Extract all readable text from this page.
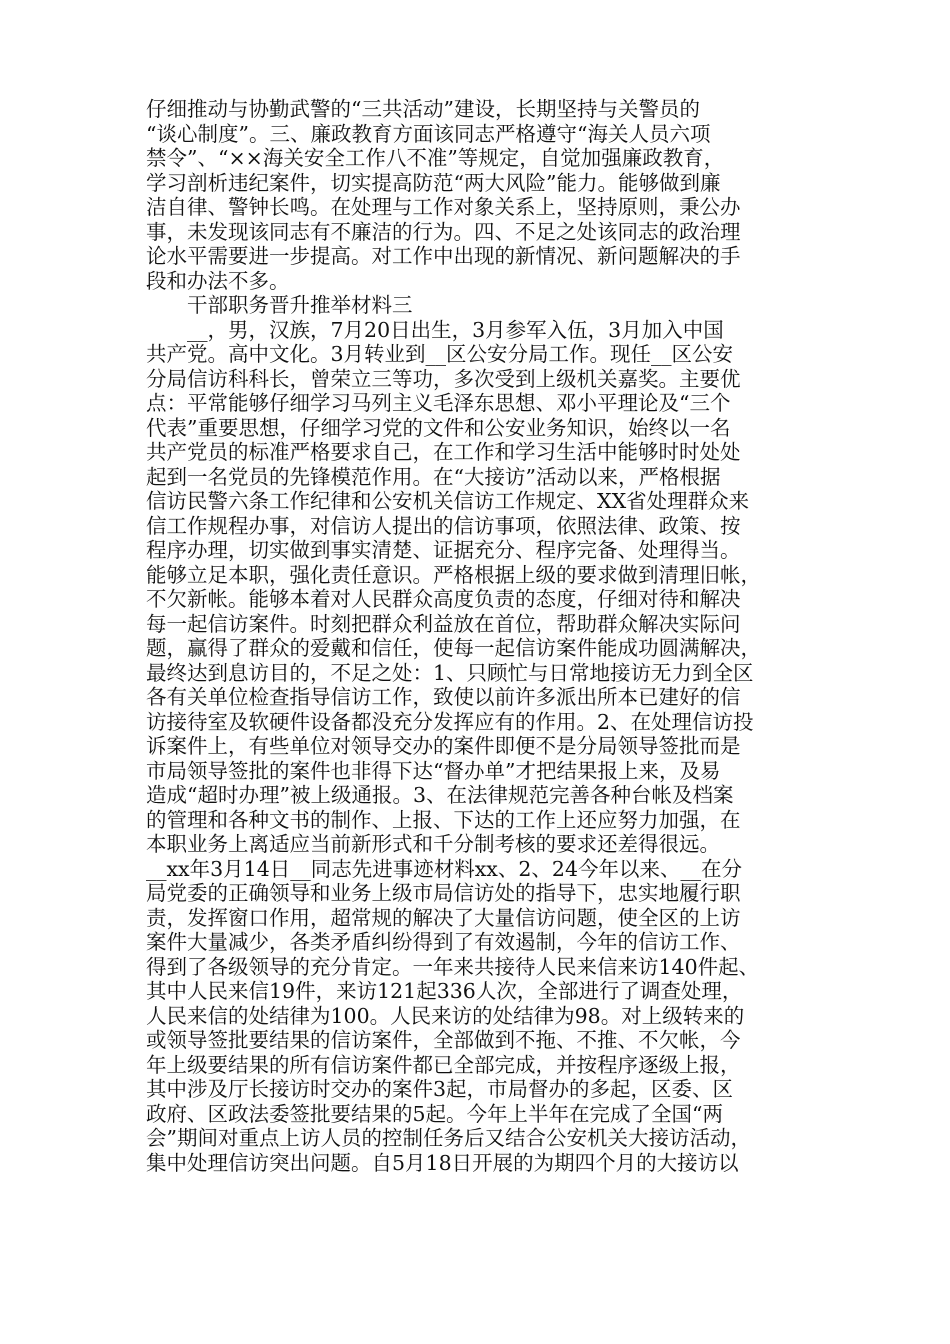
仔细推动与协勤武警的“三共活动”建设，长期坚持与关警员的
“谈心制度”。三、廉政教育方面该同志严格遵守“海关人员六项
禁令”、“××海关安全工作八不准”等规定，自觉加强廉政教育，
学习剖析违纪案件，切实提高防范“两大风险”能力。能够做到廉
洁自律、警钟长鸣。在处理与工作对象关系上，坚持原则，秉公办
事，未发现该同志有不廉洁的行为。四、不足之处该同志的政治理
论水平需要进一步提高。对工作中出现的新情况、新问题解决的手
段和办法不多。
　　干部职务晋升推举材料三
　　__，男，汉族，7月20日出生，3月参军入伍，3月加入中国
共产党。高中文化。3月转业到__区公安分局工作。现任__区公安
分局信访科科长，曾荣立三等功，多次受到上级机关嘉奖。主要优
点：平常能够仔细学习马列主义毛泽东思想、邓小平理论及“三个
代表”重要思想，仔细学习党的文件和公安业务知识，始终以一名
共产党员的标准严格要求自己，在工作和学习生活中能够时时处处
起到一名党员的先锋模范作用。在“大接访”活动以来，严格根据
信访民警六条工作纪律和公安机关信访工作规定、XX省处理群众来
信工作规程办事，对信访人提出的信访事项，依照法律、政策、按
程序办理，切实做到事实清楚、证据充分、程序完备、处理得当。
能够立足本职，强化责任意识。严格根据上级的要求做到清理旧帐，
不欠新帐。能够本着对人民群众高度负责的态度，仔细对待和解决
每一起信访案件。时刻把群众利益放在首位，帮助群众解决实际问
题，赢得了群众的爱戴和信任，使每一起信访案件能成功圆满解决，
最终达到息访目的，不足之处：1、只顾忙与日常地接访无力到全区
各有关单位检查指导信访工作，致使以前许多派出所本已建好的信
访接待室及软硬件设备都没充分发挥应有的作用。2、在处理信访投
诉案件上，有些单位对领导交办的案件即便不是分局领导签批而是
市局领导签批的案件也非得下达“督办单”才把结果报上来，及易
造成“超时办理”被上级通报。3、在法律规范完善各种台帐及档案
的管理和各种文书的制作、上报、下达的工作上还应努力加强，在
本职业务上离适应当前新形式和千分制考核的要求还差得很远。
__xx年3月14日__同志先进事迹材料xx、2、24今年以来、__在分
局党委的正确领导和业务上级市局信访处的指导下，忠实地履行职
责，发挥窗口作用，超常规的解决了大量信访问题，使全区的上访
案件大量减少，各类矛盾纠纷得到了有效遏制，今年的信访工作、
得到了各级领导的充分肯定。一年来共接待人民来信来访140件起、
其中人民来信19件，来访121起336人次，全部进行了调查处理，
人民来信的处结律为100。人民来访的处结律为98。对上级转来的
或领导签批要结果的信访案件，全部做到不拖、不推、不欠帐，今
年上级要结果的所有信访案件都已全部完成，并按程序逐级上报，
其中涉及厅长接访时交办的案件3起，市局督办的多起，区委、区
政府、区政法委签批要结果的5起。今年上半年在完成了全国“两
会”期间对重点上访人员的控制任务后又结合公安机关大接访活动，
集中处理信访突出问题。自5月18日开展的为期四个月的大接访以
